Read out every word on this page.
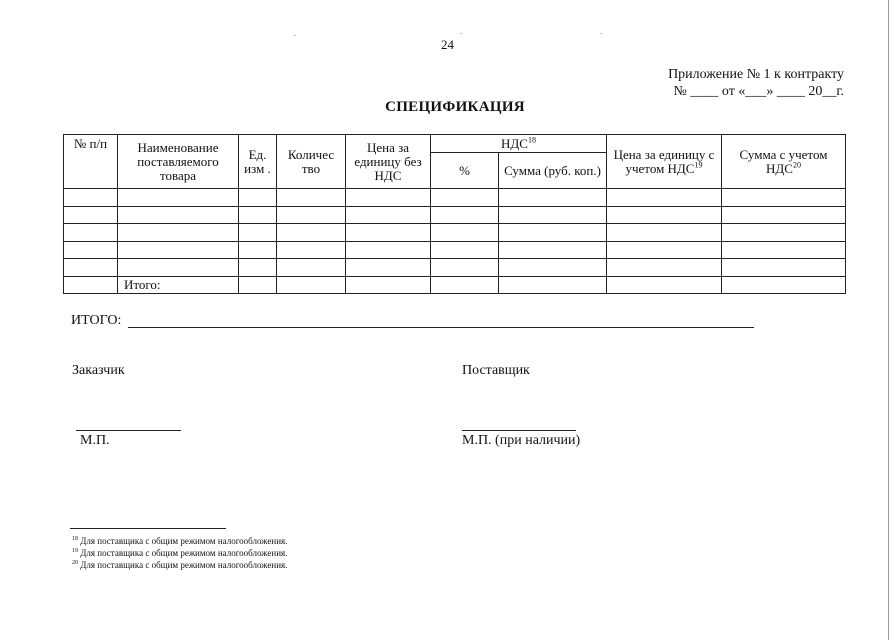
24
Приложение № 1 к контракту
№ ____ от «___» ____ 20__г.
СПЕЦИФИКАЦИЯ
№ п/п	Наименование поставляемого товара	Ед. изм .	Количес тво	Цена за единицу без НДС	НДС$^{18}$		Цена за единицу с учетом НДС$^{19}$	Сумма с учетом НДС$^{20}$
					%	Сумма (руб. коп.)		

	Итого:							
ИТОГО:
Заказчик	Поставщик
М.П.	М.П. (при наличии)
$^{18}$ Для поставщика с общим режимом налогообложения.
$^{19}$ Для поставщика с общим режимом налогообложения.
$^{20}$ Для поставщика с общим режимом налогообложения.
